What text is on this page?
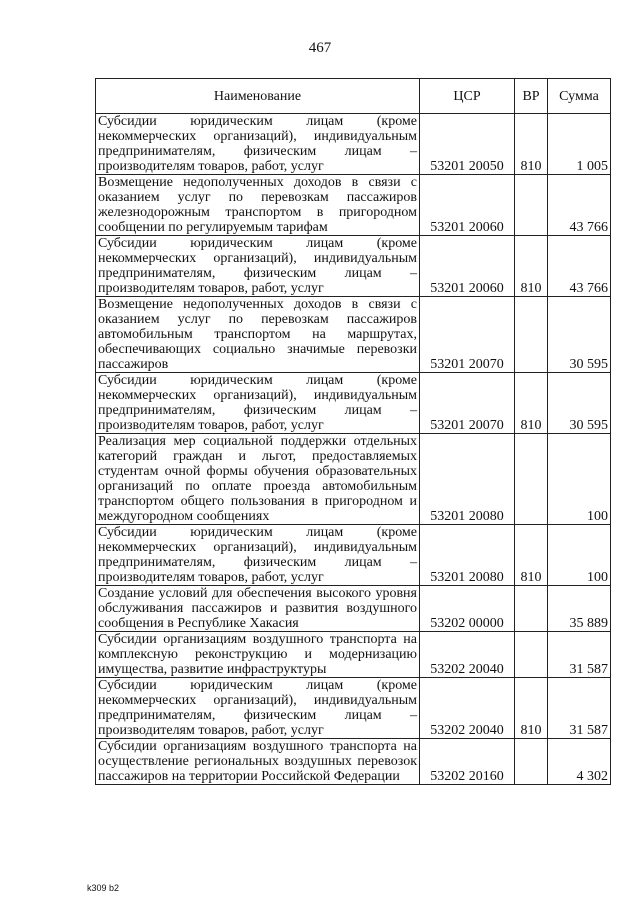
467
Наименование	ЦСР	ВР	Сумма
Субсидии юридическим лицам (кроме некоммерческих организаций), индивидуальным предпринимателям, физическим лицам – производителям товаров, работ, услуг	53201 20050	810	1 005
Возмещение недополученных доходов в связи с оказанием услуг по перевозкам пассажиров железнодорожным транспортом в пригородном сообщении по регулируемым тарифам	53201 20060		43 766
Субсидии юридическим лицам (кроме некоммерческих организаций), индивидуальным предпринимателям, физическим лицам – производителям товаров, работ, услуг	53201 20060	810	43 766
Возмещение недополученных доходов в связи с оказанием услуг по перевозкам пассажиров автомобильным транспортом на маршрутах, обеспечивающих социально значимые перевозки пассажиров	53201 20070		30 595
Субсидии юридическим лицам (кроме некоммерческих организаций), индивидуальным предпринимателям, физическим лицам – производителям товаров, работ, услуг	53201 20070	810	30 595
Реализация мер социальной поддержки отдельных категорий граждан и льгот, предоставляемых студентам очной формы обучения образовательных организаций по оплате проезда автомобильным транспортом общего пользования в пригородном и междугородном сообщениях	53201 20080		100
Субсидии юридическим лицам (кроме некоммерческих организаций), индивидуальным предпринимателям, физическим лицам – производителям товаров, работ, услуг	53201 20080	810	100
Создание условий для обеспечения высокого уровня обслуживания пассажиров и развития воздушного сообщения в Республике Хакасия	53202 00000		35 889
Субсидии организациям воздушного транспорта на комплексную реконструкцию и модернизацию имущества, развитие инфраструктуры	53202 20040		31 587
Субсидии юридическим лицам (кроме некоммерческих организаций), индивидуальным предпринимателям, физическим лицам – производителям товаров, работ, услуг	53202 20040	810	31 587
Субсидии организациям воздушного транспорта на осуществление региональных воздушных перевозок пассажиров на территории Российской Федерации	53202 20160		4 302
k309 b2
